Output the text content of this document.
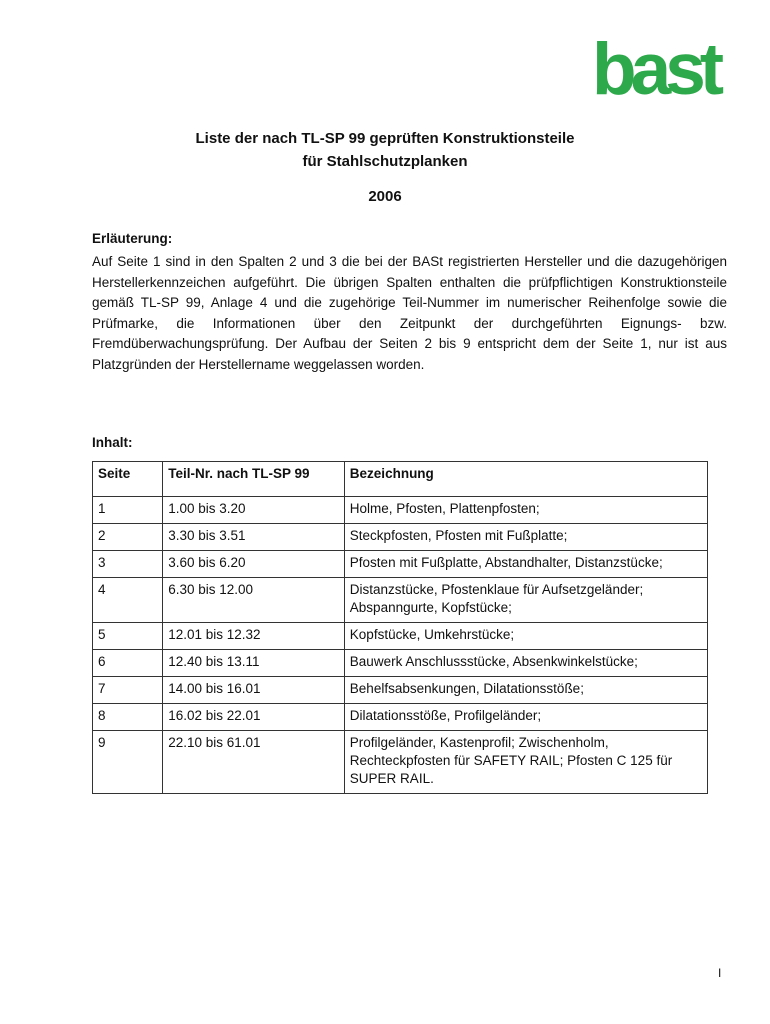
bast
Liste der nach TL-SP 99 geprüften Konstruktionsteile
für Stahlschutzplanken
2006
Erläuterung:

Auf Seite 1 sind in den Spalten 2 und 3 die bei der BASt registrierten Hersteller und die dazugehörigen Herstellerkennzeichen aufgeführt. Die übrigen Spalten enthalten die prüfpflichtigen Konstruktionsteile gemäß TL-SP 99, Anlage 4 und die zugehörige Teil-Nummer im numerischer Reihenfolge sowie die Prüfmarke, die Informationen über den Zeitpunkt der durchgeführten Eignungs- bzw. Fremdüberwachungsprüfung. Der Aufbau der Seiten 2 bis 9 entspricht dem der Seite 1, nur ist aus Platzgründen der Herstellername weggelassen worden.

Inhalt:
Seite	Teil-Nr. nach TL-SP 99	Bezeichnung
1	1.00 bis 3.20	Holme, Pfosten, Plattenpfosten;
2	3.30 bis 3.51	Steckpfosten, Pfosten mit Fußplatte;
3	3.60 bis 6.20	Pfosten mit Fußplatte, Abstandhalter, Distanzstücke;
4	6.30 bis 12.00	Distanzstücke, Pfostenklaue für Aufsetzgeländer; Abspanngurte, Kopfstücke;
5	12.01 bis 12.32	Kopfstücke, Umkehrstücke;
6	12.40 bis 13.11	Bauwerk Anschlussstücke, Absenkwinkelstücke;
7	14.00 bis 16.01	Behelfsabsenkungen, Dilatationsstöße;
8	16.02 bis 22.01	Dilatationsstöße, Profilgeländer;
9	22.10 bis 61.01	Profilgeländer, Kastenprofil; Zwischenholm, Rechteckpfosten für SAFETY RAIL; Pfosten C 125 für SUPER RAIL.
I
